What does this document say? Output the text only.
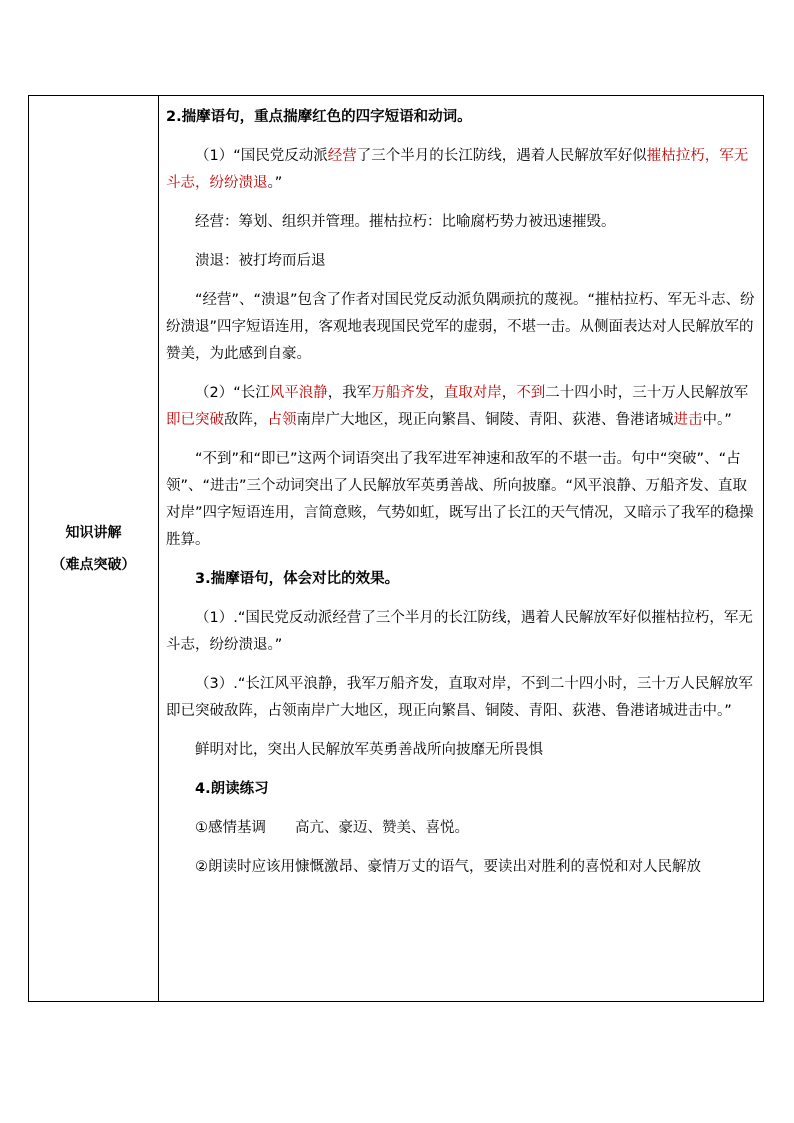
知识讲解
（难点突破）

2.揣摩语句，重点揣摩红色的四字短语和动词。

（1）“国民党反动派经营了三个半月的长江防线，遇着人民解放军好似摧枯拉朽，军无斗志，纷纷溃退。”

经营：筹划、组织并管理。摧枯拉朽：比喻腐朽势力被迅速摧毁。

溃退：被打垮而后退

“经营”、“溃退”包含了作者对国民党反动派负隅顽抗的蔑视。“摧枯拉朽、军无斗志、纷纷溃退”四字短语连用，客观地表现国民党军的虚弱，不堪一击。从侧面表达对人民解放军的赞美，为此感到自豪。

（2）“长江风平浪静，我军万船齐发，直取对岸，不到二十四小时，三十万人民解放军即已突破敌阵，占领南岸广大地区，现正向繁昌、铜陵、青阳、荻港、鲁港诸城进击中。”

“不到”和“即已”这两个词语突出了我军进军神速和敌军的不堪一击。句中“突破”、“占领”、“进击”三个动词突出了人民解放军英勇善战、所向披靡。“风平浪静、万船齐发、直取对岸”四字短语连用，言简意赅，气势如虹，既写出了长江的天气情况，又暗示了我军的稳操胜算。

3.揣摩语句，体会对比的效果。

（1）.“国民党反动派经营了三个半月的长江防线，遇着人民解放军好似摧枯拉朽，军无斗志，纷纷溃退。”

（3）.“长江风平浪静，我军万船齐发，直取对岸，不到二十四小时，三十万人民解放军即已突破敌阵，占领南岸广大地区，现正向繁昌、铜陵、青阳、荻港、鲁港诸城进击中。”

鲜明对比，突出人民解放军英勇善战所向披靡无所畏惧

4.朗读练习

①感情基调　　高亢、豪迈、赞美、喜悦。

②朗读时应该用慷慨激昂、豪情万丈的语气，要读出对胜利的喜悦和对人民解放
